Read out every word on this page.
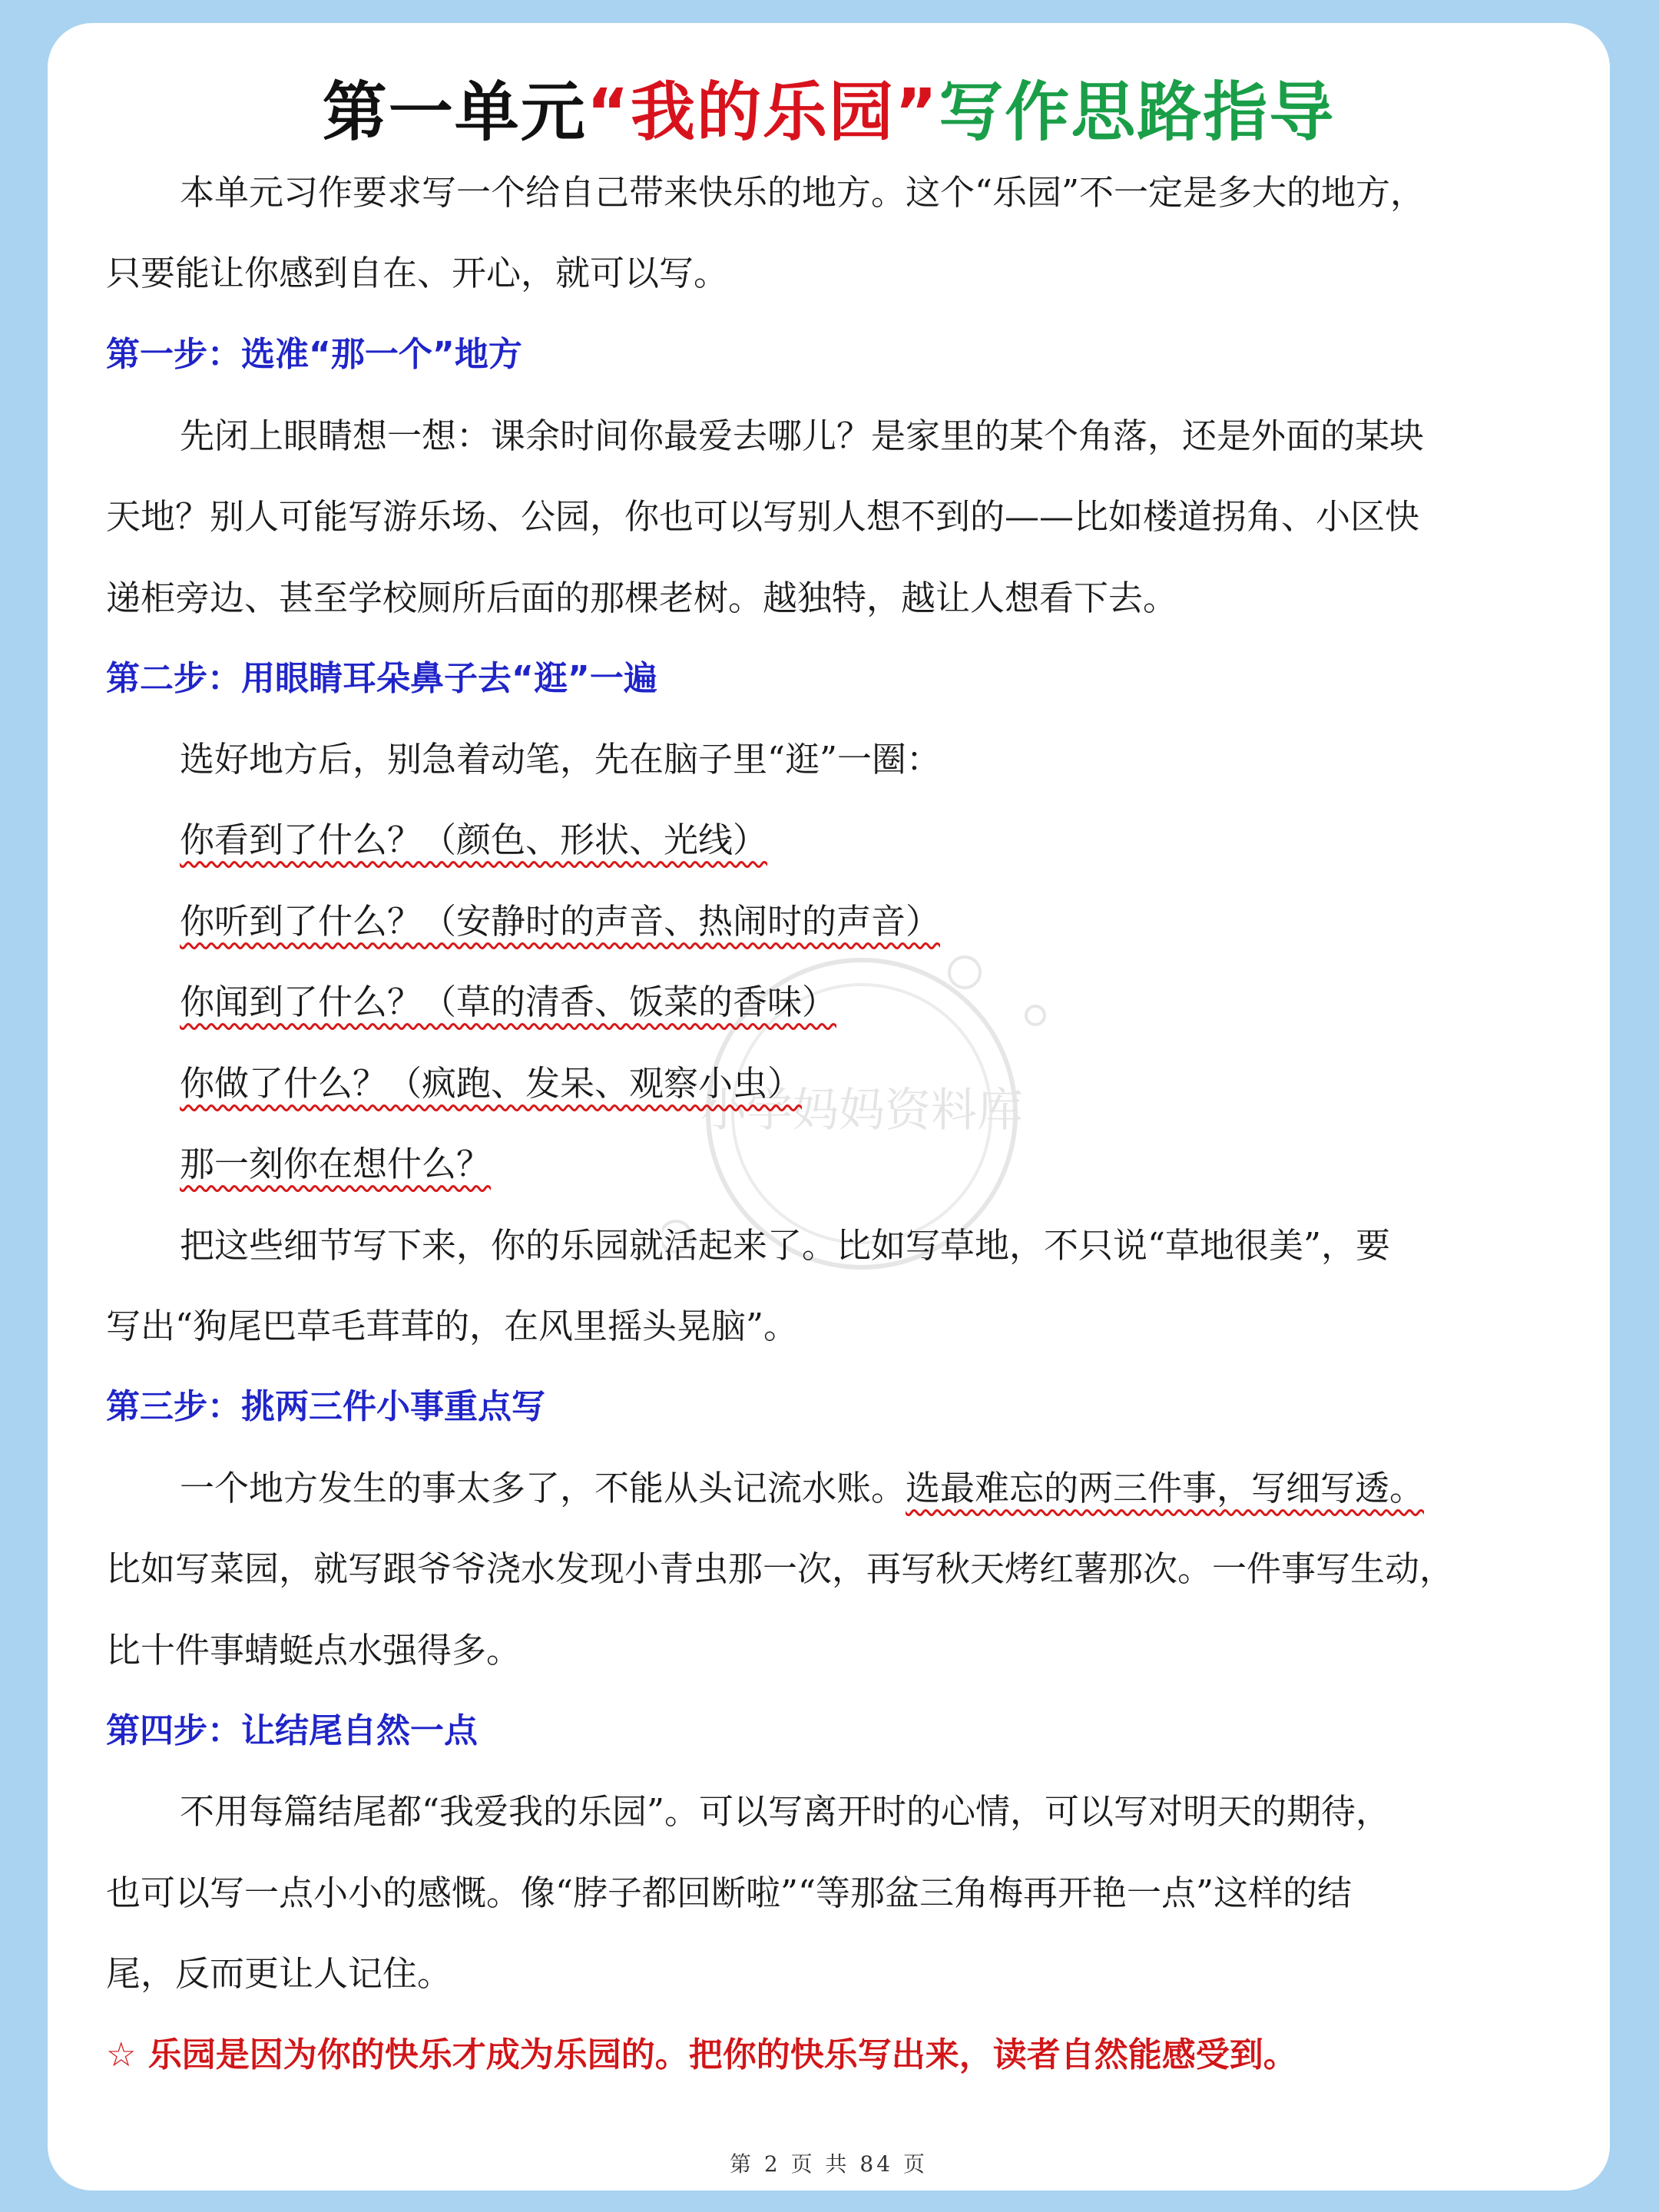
小学妈妈资料库
第一单元“我的乐园”写作思路指导
本单元习作要求写一个给自己带来快乐的地方。这个“乐园”不一定是多大的地方，
只要能让你感到自在、开心，就可以写。
第一步：选准“那一个”地方
先闭上眼睛想一想：课余时间你最爱去哪儿？是家里的某个角落，还是外面的某块
天地？别人可能写游乐场、公园，你也可以写别人想不到的——比如楼道拐角、小区快
递柜旁边、甚至学校厕所后面的那棵老树。越独特，越让人想看下去。
第二步：用眼睛耳朵鼻子去“逛”一遍
选好地方后，别急着动笔，先在脑子里“逛”一圈：
你看到了什么？（颜色、形状、光线）
你听到了什么？（安静时的声音、热闹时的声音）
你闻到了什么？（草的清香、饭菜的香味）
你做了什么？（疯跑、发呆、观察小虫）
那一刻你在想什么？
把这些细节写下来，你的乐园就活起来了。比如写草地，不只说“草地很美”，要
写出“狗尾巴草毛茸茸的，在风里摇头晃脑”。
第三步：挑两三件小事重点写
一个地方发生的事太多了，不能从头记流水账。选最难忘的两三件事，写细写透。
比如写菜园，就写跟爷爷浇水发现小青虫那一次，再写秋天烤红薯那次。一件事写生动，
比十件事蜻蜓点水强得多。
第四步：让结尾自然一点
不用每篇结尾都“我爱我的乐园”。可以写离开时的心情，可以写对明天的期待，
也可以写一点小小的感慨。像“脖子都回断啦”“等那盆三角梅再开艳一点”这样的结
尾，反而更让人记住。
☆ 乐园是因为你的快乐才成为乐园的。把你的快乐写出来，读者自然能感受到。
第 2 页 共 84 页
